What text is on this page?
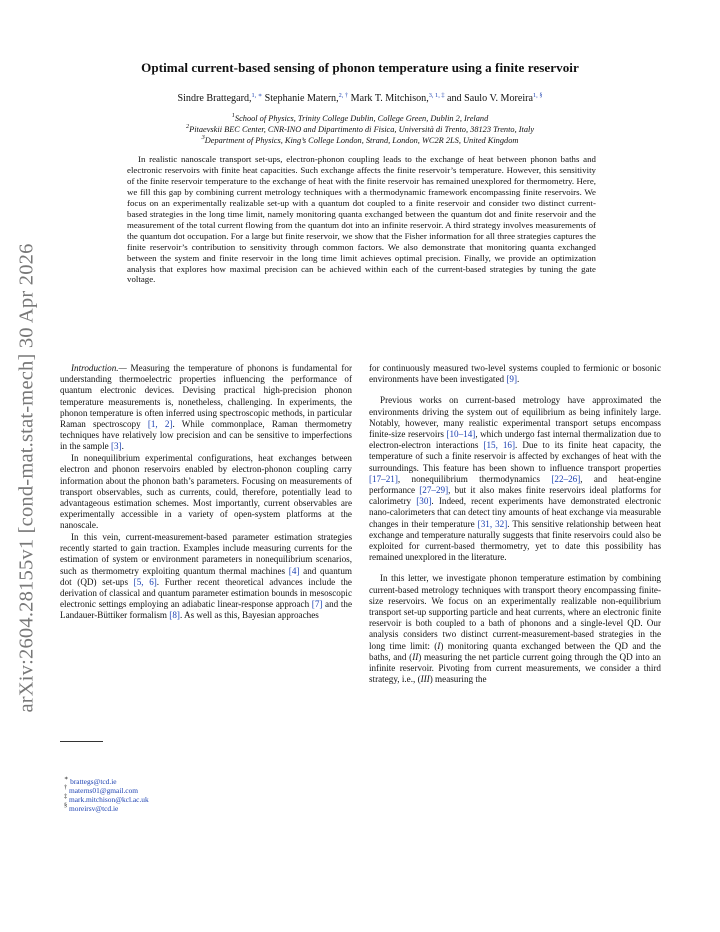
arXiv:2604.28155v1 [cond-mat.stat-mech] 30 Apr 2026
Optimal current-based sensing of phonon temperature using a finite reservoir
Sindre Brattegard,$^{1, ∗}$ Stephanie Matern,$^{2, \dagger}$ Mark T. Mitchison,$^{3, 1, \ddagger}$ and Saulo V. Moreira$^{1, \S}$
$^1$School of Physics, Trinity College Dublin, College Green, Dublin 2, Ireland
$^2$Pitaevskii BEC Center, CNR-INO and Dipartimento di Fisica, Università di Trento, 38123 Trento, Italy
$^3$Department of Physics, King’s College London, Strand, London, WC2R 2LS, United Kingdom
In realistic nanoscale transport set-ups, electron-phonon coupling leads to the exchange of heat between phonon baths and electronic reservoirs with finite heat capacities. Such exchange affects the finite reservoir’s temperature. However, this sensitivity of the finite reservoir temperature to the exchange of heat with the finite reservoir has remained unexplored for thermometry. Here, we fill this gap by combining current metrology techniques with a thermodynamic framework encompassing finite reservoirs. We focus on an experimentally realizable set-up with a quantum dot coupled to a finite reservoir and consider two distinct current-based strategies in the long time limit, namely monitoring quanta exchanged between the quantum dot and finite reservoir and the measurement of the total current flowing from the quantum dot into an infinite reservoir. A third strategy involves measurements of the quantum dot occupation. For a large but finite reservoir, we show that the Fisher information for all three strategies captures the finite reservoir’s contribution to sensitivity through common factors. We also demonstrate that monitoring quanta exchanged between the system and finite reservoir in the long time limit achieves optimal precision. Finally, we provide an optimization analysis that explores how maximal precision can be achieved within each of the current-based strategies by tuning the gate voltage.

Introduction.— Measuring the temperature of phonons is fundamental for understanding thermoelectric properties influencing the performance of quantum electronic devices. Devising practical high-precision phonon temperature measurements is, nonetheless, challenging. In experiments, the phonon temperature is often inferred using spectroscopic methods, in particular Raman spectroscopy [1, 2]. While commonplace, Raman thermometry techniques have relatively low precision and can be sensitive to imperfections in the sample [3].

In nonequilibrium experimental configurations, heat exchanges between electron and phonon reservoirs enabled by electron-phonon coupling carry information about the phonon bath’s parameters. Focusing on measurements of transport observables, such as currents, could, therefore, potentially lead to advantageous estimation schemes. Most importantly, current observables are experimentally accessible in a variety of open-system platforms at the nanoscale.

In this vein, current-measurement-based parameter estimation strategies recently started to gain traction. Examples include measuring currents for the estimation of system or environment parameters in nonequilibrium scenarios, such as thermometry exploiting quantum thermal machines [4] and quantum dot (QD) set-ups [5, 6]. Further recent theoretical advances include the derivation of classical and quantum parameter estimation bounds in mesoscopic electronic settings employing an adiabatic linear-response approach [7] and the Landauer-Büttiker formalism [8]. As well as this, Bayesian approaches

for continuously measured two-level systems coupled to fermionic or bosonic environments have been investigated [9].

Previous works on current-based metrology have approximated the environments driving the system out of equilibrium as being infinitely large. Notably, however, many realistic experimental transport setups encompass finite-size reservoirs [10–14], which undergo fast internal thermalization due to electron-electron interactions [15, 16]. Due to its finite heat capacity, the temperature of such a finite reservoir is affected by exchanges of heat with the surroundings. This feature has been shown to influence transport properties [17–21], nonequilibrium thermodynamics [22–26], and heat-engine performance [27–29], but it also makes finite reservoirs ideal platforms for calorimetry [30]. Indeed, recent experiments have demonstrated electronic nano-calorimeters that can detect tiny amounts of heat exchange via measurable changes in their temperature [31, 32]. This sensitive relationship between heat exchange and temperature naturally suggests that finite reservoirs could also be exploited for current-based thermometry, yet to date this possibility has remained unexplored in the literature.

In this letter, we investigate phonon temperature estimation by combining current-based metrology techniques with transport theory encompassing finite-size reservoirs. We focus on an experimentally realizable non-equilibrium transport set-up supporting particle and heat currents, where an electronic finite reservoir is both coupled to a bath of phonons and a single-level QD. Our analysis considers two distinct current-measurement-based strategies in the long time limit: (I) monitoring quanta exchanged between the QD and the baths, and (II) measuring the net particle current going through the QD into an infinite reservoir. Pivoting from current measurements, we consider a third strategy, i.e., (III) measuring the

∗ brattegs@tcd.ie
† materns01@gmail.com
‡ mark.mitchison@kcl.ac.uk
§ moreirsv@tcd.ie
